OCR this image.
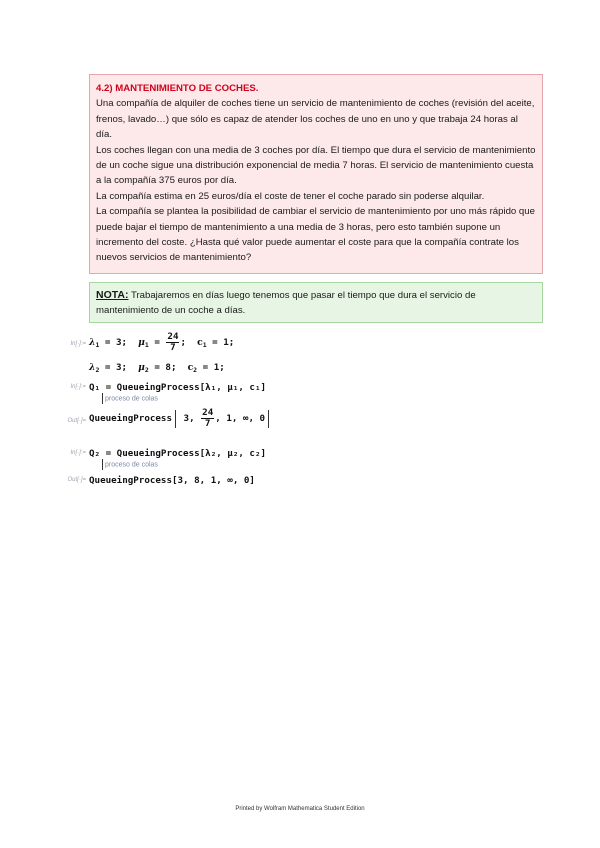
4.2) MANTENIMIENTO DE COCHES.

Una compañía de alquiler de coches tiene un servicio de mantenimiento de coches (revisión del aceite, frenos, lavado…) que sólo es capaz de atender los coches de uno en uno y que trabaja 24 horas al día.

Los coches llegan con una media de 3 coches por día. El tiempo que dura el servicio de mantenimiento de un coche sigue una distribución exponencial de media 7 horas. El servicio de mantenimiento cuesta a la compañía 375 euros por día.

La compañía estima en 25 euros/día el coste de tener el coche parado sin poderse alquilar.

La compañía se plantea la posibilidad de cambiar el servicio de mantenimiento por uno más rápido que puede bajar el tiempo de mantenimiento a una media de 3 horas, pero esto también supone un incremento del coste. ¿Hasta qué valor puede aumentar el coste para que la compañía contrate los nuevos servicios de mantenimiento?

NOTA: Trabajaremos en días luego tenemos que pasar el tiempo que dura el servicio de mantenimiento de un coche a días.
In[·]:= $\lambda_1 = 3$;  $\mu_1 = \frac{24}{7}$ ;  $c_1 = 1$;
$\lambda_2 = 3$;  $\mu_2 = 8$;  $c_2 = 1$;
In[·]:= Q₁ = QueueingProcess[λ₁, μ₁, c₁]
proceso de colas
Out[·]= QueueingProcess 3, $\frac{24}{7}$ , 1, ∞, 0
In[·]:= Q₂ = QueueingProcess[λ₂, μ₂, c₂]
proceso de colas
Out[·]= QueueingProcess[3, 8, 1, ∞, 0]
Printed by Wolfram Mathematica Student Edition
